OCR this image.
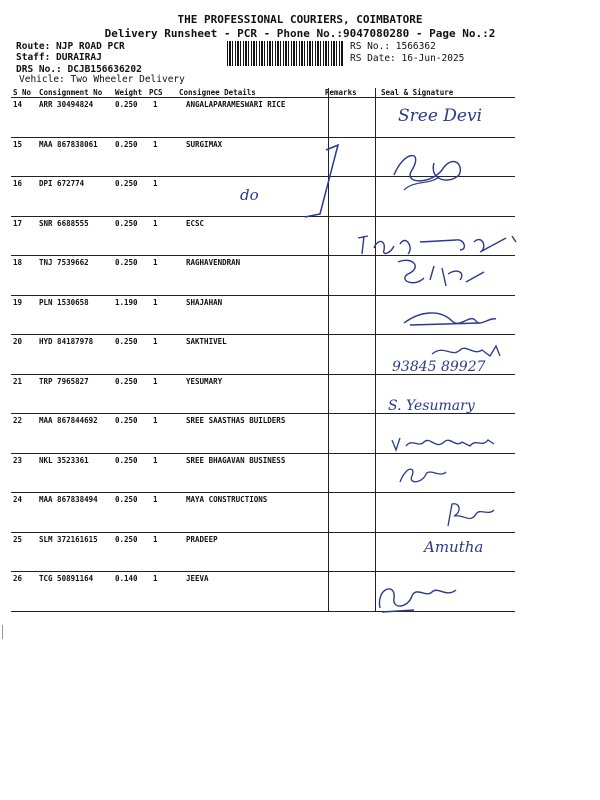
THE PROFESSIONAL COURIERS, COIMBATORE
Delivery Runsheet - PCR - Phone No.:9047080280 - Page No.:2
Route: NJP ROAD PCR
Staff: DURAIRAJ
DRS No.: DCJB156636202
Vehicle: Two Wheeler Delivery
RS No.: 1566362
RS Date: 16-Jun-2025
S No Consignment No Weight PCS Consignee Details	Remarks	Seal & Signature
14 ARR 30494824	0.250 1	ANGALAPARAMESWARI RICE
15 MAA 867838061 0.250 1	SURGIMAX
16 DPI 672774	0.250 1
17 SNR 6688555	0.250 1	ECSC
18 TNJ 7539662	0.250 1	RAGHAVENDRAN
19 PLN 1530658	1.190 1	SHAJAHAN
20 HYD 84187978	0.250 1	SAKTHIVEL
21 TRP 7965827	0.250 1	YESUMARY
22 MAA 867844692 0.250 1	SREE SAASTHAS BUILDERS
23 NKL 3523361	0.250 1	SREE BHAGAVAN BUSINESS
24 MAA 867838494 0.250 1	MAYA CONSTRUCTIONS
25 SLM 372161615 0.250 1	PRADEEP
26 TCG 50891164	0.140 1	JEEVA
do
Sree Devi
93845 89927
S. Yesumary
Amutha
